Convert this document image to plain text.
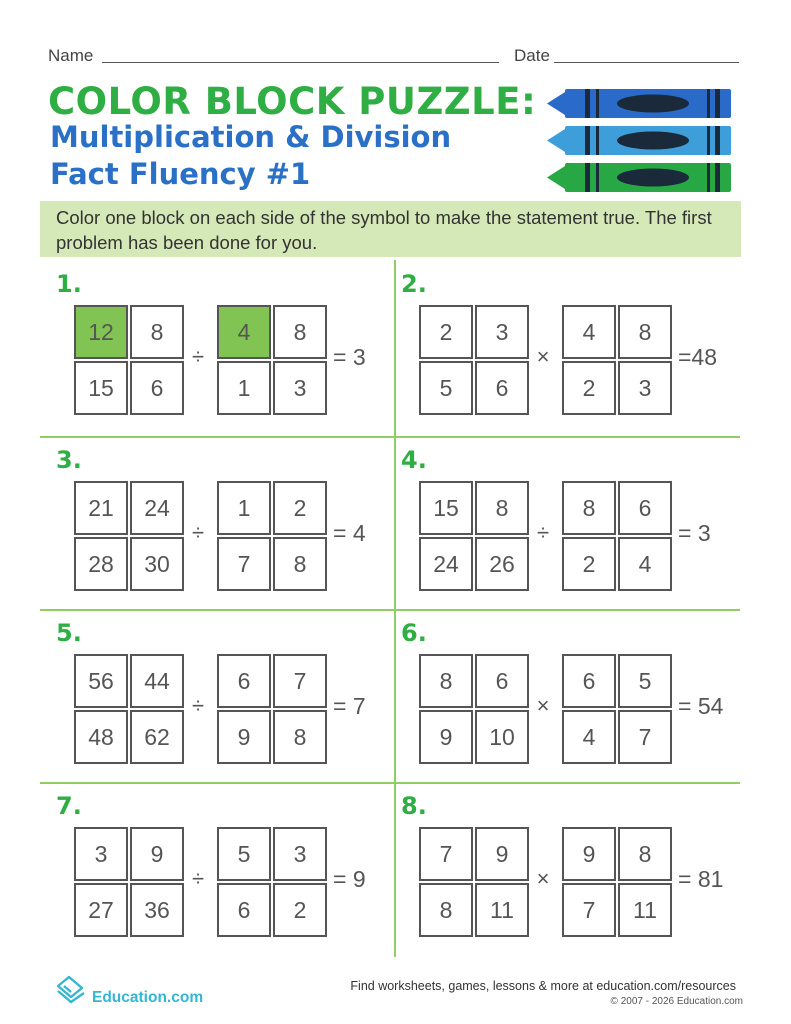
Name	Date
COLOR BLOCK PUZZLE:
Multiplication & Division
Fact Fluency #1
Color one block on each side of the symbol to make the statement true. The first problem has been done for you.
1.
12	8
15	6
4	8
1	3
÷	= 3
2.
2	3
5	6
4	8
2	3
×	=48
3.
21	24
28	30
1	2
7	8
÷	= 4
4.
15	8
24	26
8	6
2	4
÷	= 3
5.
56	44
48	62
6	7
9	8
÷	= 7
6.
8	6
9	10
6	5
4	7
×	= 54
7.
3	9
27	36
5	3
6	2
÷	= 9
8.
7	9
8	11
9	8
7	11
×	= 81
Education.com
Find worksheets, games, lessons & more at education.com/resources
© 2007 - 2026 Education.com
